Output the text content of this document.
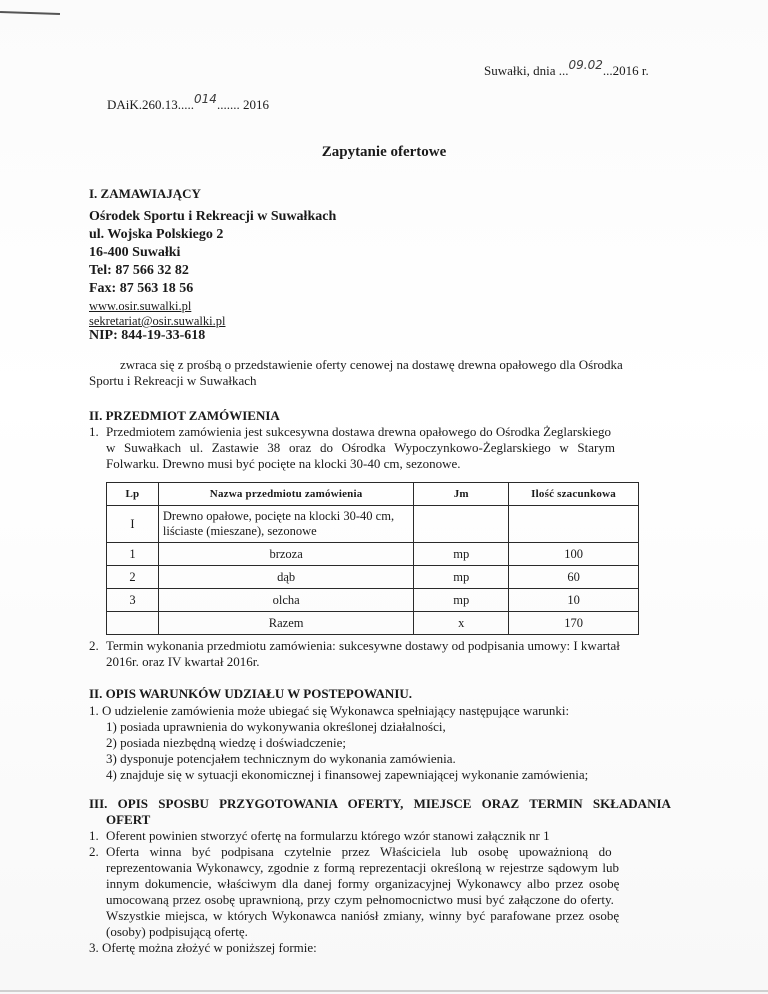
Suwałki, dnia ...09.02...2016 r.
DAiK.260.13.....014....... 2016
Zapytanie ofertowe
I. ZAMAWIAJĄCY
Ośrodek Sportu i Rekreacji w Suwałkach
ul. Wojska Polskiego 2
16-400 Suwałki
Tel: 87 566 32 82
Fax: 87 563 18 56
www.osir.suwalki.pl
sekretariat@osir.suwalki.pl
NIP: 844-19-33-618
zwraca się z prośbą o przedstawienie oferty cenowej na dostawę drewna opałowego dla Ośrodka
Sportu i Rekreacji w Suwałkach
II. PRZEDMIOT ZAMÓWIENIA
1. Przedmiotem zamówienia jest sukcesywna dostawa drewna opałowego do Ośrodka Żeglarskiego
w Suwałkach ul. Zastawie 38 oraz do Ośrodka Wypoczynkowo-Żeglarskiego w Starym
Folwarku. Drewno musi być pocięte na klocki 30-40 cm, sezonowe.
Lp	Nazwa przedmiotu zamówienia	Jm	Ilość szacunkowa
I	Drewno opałowe, pocięte na klocki 30-40 cm,
liściaste (mieszane), sezonowe		
1	brzoza	mp	100
2	dąb	mp	60
3	olcha	mp	10
	Razem	x	170
2. Termin wykonania przedmiotu zamówienia: sukcesywne dostawy od podpisania umowy: I kwartał
2016r. oraz IV kwartał 2016r.
II. OPIS WARUNKÓW UDZIAŁU W POSTEPOWANIU.
1. O udzielenie zamówienia może ubiegać się Wykonawca spełniający następujące warunki:
1) posiada uprawnienia do wykonywania określonej działalności,
2) posiada niezbędną wiedzę i doświadczenie;
3) dysponuje potencjałem technicznym do wykonania zamówienia.
4) znajduje się w sytuacji ekonomicznej i finansowej zapewniającej wykonanie zamówienia;
III. OPIS SPOSBU PRZYGOTOWANIA OFERTY, MIEJSCE ORAZ TERMIN SKŁADANIA
OFERT
1. Oferent powinien stworzyć ofertę na formularzu którego wzór stanowi załącznik nr 1
2. Oferta winna być podpisana czytelnie przez Właściciela lub osobę upoważnioną do
reprezentowania Wykonawcy, zgodnie z formą reprezentacji określoną w rejestrze sądowym lub
innym dokumencie, właściwym dla danej formy organizacyjnej Wykonawcy albo przez osobę
umocowaną przez osobę uprawnioną, przy czym pełnomocnictwo musi być załączone do oferty.
Wszystkie miejsca, w których Wykonawca naniósł zmiany, winny być parafowane przez osobę
(osoby) podpisującą ofertę.
3. Ofertę można złożyć w poniższej formie:
